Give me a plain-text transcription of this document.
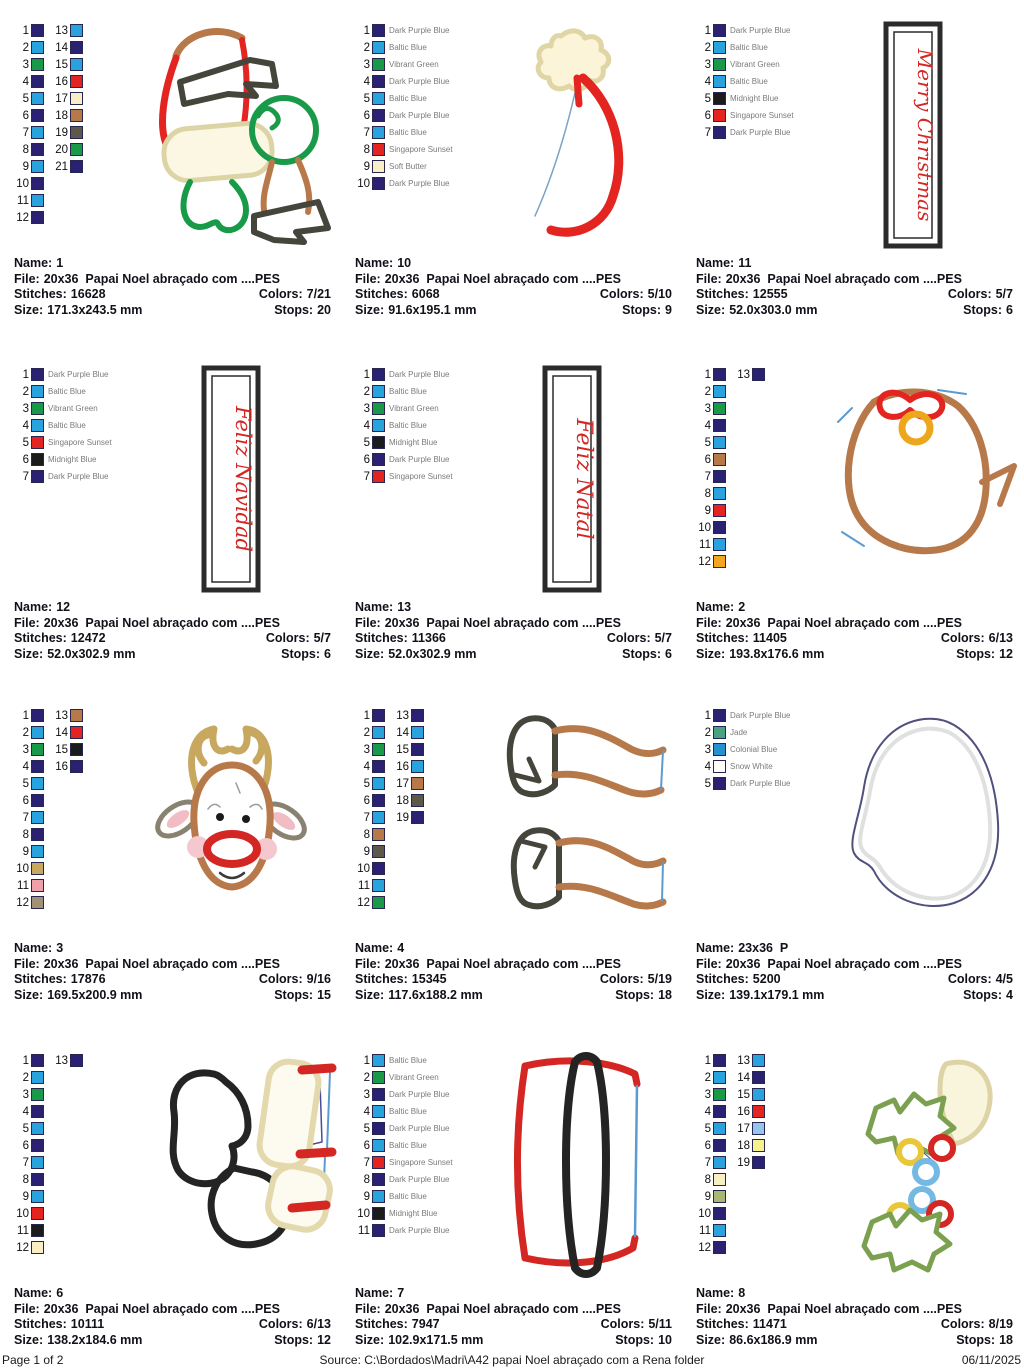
1
2
3
4
5
6
7
8
9
10
11
12
13
14
15
16
17
18
19
20
21
Name: 1
File: 20x36  Papai Noel abraçado com ....PES
Stitches: 16628	Colors: 7/21
Size: 171.3x243.5 mm	Stops: 20
1 Dark Purple Blue
2 Baltic Blue
3 Vibrant Green
4 Dark Purple Blue
5 Baltic Blue
6 Dark Purple Blue
7 Baltic Blue
8 Singapore Sunset
9 Soft Butter
10 Dark Purple Blue
Name: 10
File: 20x36  Papai Noel abraçado com ....PES
Stitches: 6068	Colors: 5/10
Size: 91.6x195.1 mm	Stops: 9
1 Dark Purple Blue
2 Baltic Blue
3 Vibrant Green
4 Baltic Blue
5 Midnight Blue
6 Singapore Sunset
7 Dark Purple Blue	Merry Christmas
Name: 11
File: 20x36  Papai Noel abraçado com ....PES
Stitches: 12555	Colors: 5/7
Size: 52.0x303.0 mm	Stops: 6
1 Dark Purple Blue
2 Baltic Blue
3 Vibrant Green
4 Baltic Blue
5 Singapore Sunset
6 Midnight Blue
7 Dark Purple Blue	Feliz Navidad
Name: 12
File: 20x36  Papai Noel abraçado com ....PES
Stitches: 12472	Colors: 5/7
Size: 52.0x302.9 mm	Stops: 6
1 Dark Purple Blue
2 Baltic Blue
3 Vibrant Green
4 Baltic Blue
5 Midnight Blue
6 Dark Purple Blue
7 Singapore Sunset	Feliz Natal
Name: 13
File: 20x36  Papai Noel abraçado com ....PES
Stitches: 11366	Colors: 5/7
Size: 52.0x302.9 mm	Stops: 6
1
2
3
4
5
6
7
8
9
10
11
12
13
Name: 2
File: 20x36  Papai Noel abraçado com ....PES
Stitches: 11405	Colors: 6/13
Size: 193.8x176.6 mm	Stops: 12
1
2
3
4
5
6
7
8
9
10
11
12
13
14
15
16
Name: 3
File: 20x36  Papai Noel abraçado com ....PES
Stitches: 17876	Colors: 9/16
Size: 169.5x200.9 mm	Stops: 15
1
2
3
4
5
6
7
8
9
10
11
12
13
14
15
16
17
18
19
Name: 4
File: 20x36  Papai Noel abraçado com ....PES
Stitches: 15345	Colors: 5/19
Size: 117.6x188.2 mm	Stops: 18
1 Dark Purple Blue
2 Jade
3 Colonial Blue
4 Snow White
5 Dark Purple Blue
Name: 23x36  P
File: 20x36  Papai Noel abraçado com ....PES
Stitches: 5200	Colors: 4/5
Size: 139.1x179.1 mm	Stops: 4
1
2
3
4
5
6
7
8
9
10
11
12
13
Name: 6
File: 20x36  Papai Noel abraçado com ....PES
Stitches: 10111	Colors: 6/13
Size: 138.2x184.6 mm	Stops: 12
1 Baltic Blue
2 Vibrant Green
3 Dark Purple Blue
4 Baltic Blue
5 Dark Purple Blue
6 Baltic Blue
7 Singapore Sunset
8 Dark Purple Blue
9 Baltic Blue
10 Midnight Blue
11 Dark Purple Blue
Name: 7
File: 20x36  Papai Noel abraçado com ....PES
Stitches: 7947	Colors: 5/11
Size: 102.9x171.5 mm	Stops: 10
1
2
3
4
5
6
7
8
9
10
11
12
13
14
15
16
17
18
19
Name: 8
File: 20x36  Papai Noel abraçado com ....PES
Stitches: 11471	Colors: 8/19
Size: 86.6x186.9 mm	Stops: 18
Page 1 of 2	Source: C:\Bordados\Madri\A42 papai Noel abraçado com a Rena folder	06/11/2025
